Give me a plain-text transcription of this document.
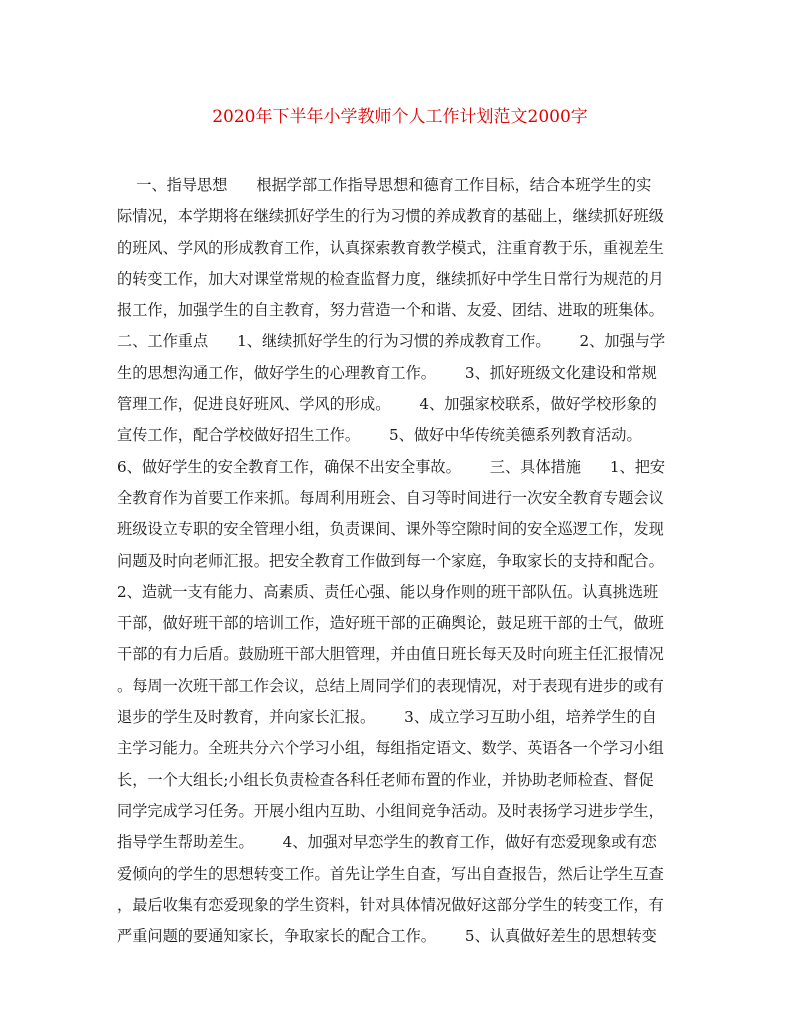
2020年下半年小学教师个人工作计划范文2000字
一、指导思想      根据学部工作指导思想和德育工作目标，结合本班学生的实
际情况，本学期将在继续抓好学生的行为习惯的养成教育的基础上，继续抓好班级
的班风、学风的形成教育工作，认真探索教育教学模式，注重育教于乐，重视差生
的转变工作，加大对课堂常规的检查监督力度，继续抓好中学生日常行为规范的月
报工作，加强学生的自主教育，努力营造一个和谐、友爱、团结、进取的班集体。
二、工作重点      1、继续抓好学生的行为习惯的养成教育工作。      2、加强与学
生的思想沟通工作，做好学生的心理教育工作。      3、抓好班级文化建设和常规
管理工作，促进良好班风、学风的形成。      4、加强家校联系，做好学校形象的
宣传工作，配合学校做好招生工作。      5、做好中华传统美德系列教育活动。
6、做好学生的安全教育工作，确保不出安全事故。      三、具体措施      1、把安
全教育作为首要工作来抓。每周利用班会、自习等时间进行一次安全教育专题会议
班级设立专职的安全管理小组，负责课间、课外等空隙时间的安全巡逻工作，发现
问题及时向老师汇报。把安全教育工作做到每一个家庭，争取家长的支持和配合。
2、造就一支有能力、高素质、责任心强、能以身作则的班干部队伍。认真挑选班
干部，做好班干部的培训工作，造好班干部的正确舆论，鼓足班干部的士气，做班
干部的有力后盾。鼓励班干部大胆管理，并由值日班长每天及时向班主任汇报情况
。每周一次班干部工作会议，总结上周同学们的表现情况，对于表现有进步的或有
退步的学生及时教育，并向家长汇报。      3、成立学习互助小组，培养学生的自
主学习能力。全班共分六个学习小组，每组指定语文、数学、英语各一个学习小组
长，一个大组长;小组长负责检查各科任老师布置的作业，并协助老师检查、督促
同学完成学习任务。开展小组内互助、小组间竞争活动。及时表扬学习进步学生，
指导学生帮助差生。      4、加强对早恋学生的教育工作，做好有恋爱现象或有恋
爱倾向的学生的思想转变工作。首先让学生自查，写出自查报告，然后让学生互查
，最后收集有恋爱现象的学生资料，针对具体情况做好这部分学生的转变工作，有
严重问题的要通知家长，争取家长的配合工作。      5、认真做好差生的思想转变
